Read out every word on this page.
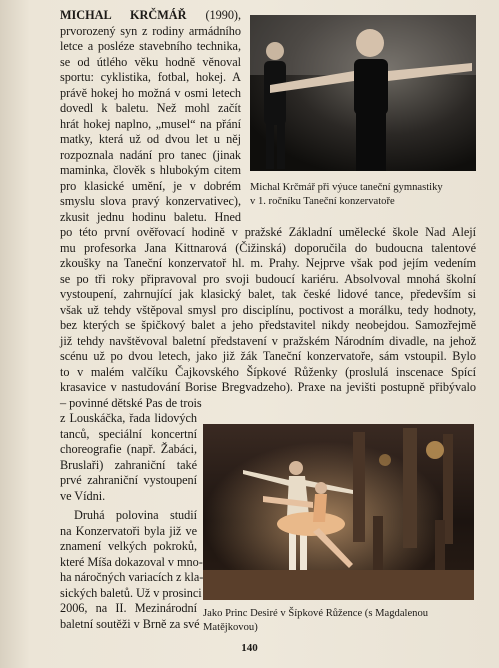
Michal Krčmář při výuce taneční gymnastiky

v 1. ročníku Taneční konzervatoře

MICHAL KRČMÁŘ (1990),

prvorozený syn z rodiny armádního

letce a posléze stavebního technika,

se od útlého věku hodně věnoval

sportu: cyklistika, fotbal, hokej. A

právě hokej ho možná v osmi letech

dovedl k baletu. Než mohl začít

hrát hokej naplno, „musel“ na přání

matky, která už od dvou let u něj

rozpoznala nadání pro tanec (jinak

maminka, člověk s hlubokým citem

pro klasické umění, je v dobrém

smyslu slova pravý konzervativec),

zkusit jednu hodinu baletu. Hned

po této první ověřovací hodině v pražské Základní umělecké škole Nad Alejí

mu profesorka Jana Kittnarová (Čižinská) doporučila do budoucna talentové

zkoušky na Taneční konzervatoř hl. m. Prahy. Nejprve však pod jejím vedením

se po tři roky připravoval pro svoji budoucí kariéru. Absolvoval mnohá školní

vystoupení, zahrnující jak klasický balet, tak české lidové tance, především si

však už tehdy vštěpoval smysl pro disciplínu, poctivost a morálku, tedy hodnoty,

bez kterých se špičkový balet a jeho představitel nikdy neobejdou. Samozřejmě

již tehdy navštěvoval baletní představení v pražském Národním divadle, na jehož

scénu už po dvou letech, jako již žák Taneční konzervatoře, sám vstoupil. Bylo

to v malém valčíku Čajkovského Šípkové Růženky (proslulá inscenace Spící

krasavice v nastudování Borise Bregvadzeho). Praxe na jevišti postupně přibývalo

– povinné dětské Pas de trois

z Louskáčka, řada lidových

tanců, speciální koncertní

choreografie (např. Žabáci,

Bruslaři) zahraniční také

prvé zahraniční vystoupení

ve Vídni.

Druhá polovina studií

na Konzervatoři byla již ve

znamení velkých pokroků,

které Míša dokazoval v mno-

ha náročných variacích z kla-

sických baletů. Už v prosinci

2006, na II. Mezinárodní

baletní soutěži v Brně za své

Jako Princ Desiré v Šípkové Růžence (s Magdalenou

Matějkovou)

140
